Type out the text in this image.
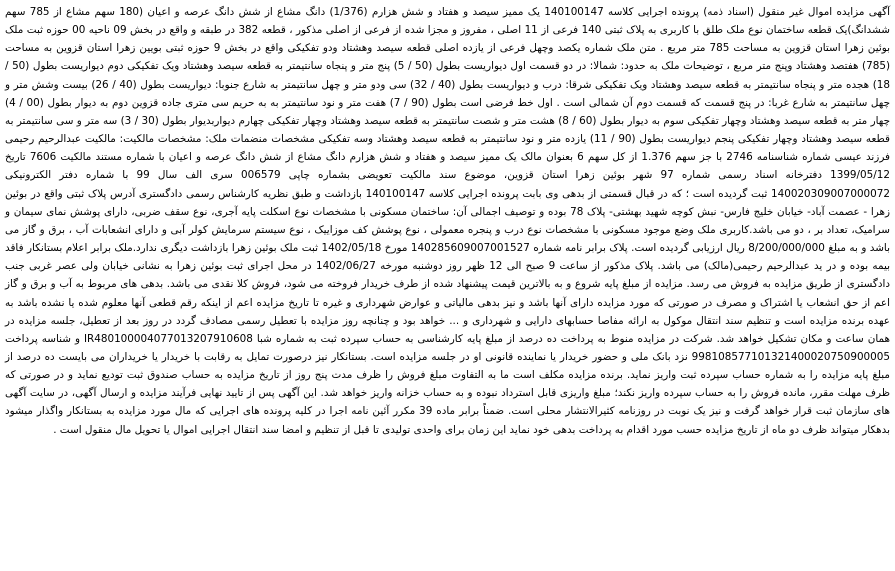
آگهی مزایده اموال غیر منقول (اسناد ذمه) پرونده اجرایی کلاسه 140100147 یک ممیز سیصد و هفتاد و شش هزارم (1/376) دانگ مشاع از شش دانگ عرصه و اعیان (180 سهم مشاع از 785 سهم ششدانگ)یک قطعه ساختمان نوع ملک طلق با کاربری به پلاک ثبتی 140 فرعی از 11 اصلی ، مفروز و مجزا شده از فرعی از اصلی مذکور ، قطعه 382 در طبقه و واقع در بخش 09 ناحیه 00 حوزه ثبت ملک بوئین زهرا استان قزوین به مساحت 785 متر مربع . متن ملک شماره یکصد وچهل فرعی از یازده اصلی قطعه سیصد وهشتاد ودو تفکیکی واقع در بخش 9 حوزه ثبتی بویین زهرا استان قزوین به مساحت (785) هفتصد وهشتاد وپنج متر مربع ، توضیحات ملک به حدود: شمالا: در دو قسمت اول دیواریست بطول (50 / 5) پنج متر و پنجاه سانتیمتر به قطعه سیصد وهشتاد ویک تفکیکی دوم دیواریست بطول (50 / 18) هجده متر و پنجاه سانتیمتر به قطعه سیصد وهشتاد ویک تفکیکی شرقا: درب و دیواریست بطول (40 / 32) سی ودو متر و چهل سانتیمتر به شارع جنوبا: دیواریست بطول (40 / 26) بیست وشش متر و چهل سانتیمتر به شارع غربا: در پنج قسمت که قسمت دوم آن شمالی است . اول خط فرضی است بطول (90 / 7) هفت متر و نود سانتیمتر به به حریم سی متری جاده قزوین دوم به دیوار بطول (00 / 4) چهار متر به قطعه سیصد وهشتاد وچهار تفکیکی سوم به دیوار بطول (60 / 8) هشت متر و شصت سانتیمتر به قطعه سیصد وهشتاد وچهار تفکیکی چهارم دیواربدیوار بطول (30 / 3) سه متر و سی سانتیمتر به قطعه سیصد وهشتاد وچهار تفکیکی پنجم دیواریست بطول (90 / 11) یازده متر و نود سانتیمتر به قطعه سیصد وهشتاد وسه تفکیکی مشخصات منضمات ملک: مشخصات مالکیت: مالکیت عبدالرحیم رحیمی فرزند عیسی شماره شناسنامه 2746 با جز سهم 1.376 از کل سهم 6 بعنوان مالک یک ممیز سیصد و هفتاد و شش هزارم دانگ مشاع از شش دانگ عرصه و اعیان با شماره مستند مالکیت 7606 تاریخ 1399/05/12 دفترخانه اسناد رسمی شماره 97 شهر بوئین زهرا استان قزوین، موضوع سند مالکیت تعویضی بشماره چاپی 006579 سری الف سال 99 با شماره دفتر الکترونیکی 140020309007000072 ثبت گردیده است ؛ که در قبال قسمتی از بدهی وی بابت پرونده اجرایی کلاسه 140100147 بازداشت و طبق نظریه کارشناس رسمی دادگستری آدرس پلاک ثبتی واقع در بوئین زهرا - عصمت آباد- خیابان خلیج فارس- نبش کوچه شهید بهشتی- پلاک 78 بوده و توصیف اجمالی آن: ساختمان مسکونی با مشخصات نوع اسکلت پایه آجری، نوع سقف ضربی، دارای پوشش نمای سیمان و سرامیک، تعداد بر ، دو می باشد.کاربری ملک وضع موجود مسکونی با مشخصات نوع درب و پنجره معمولی ، نوع پوشش کف موزاییک ، نوع سیستم سرمایش کولر آبی و دارای انشعابات آب ، برق و گاز می باشد و به مبلغ 8/200/000/000 ریال ارزیابی گردیده است. پلاک برابر نامه شماره 140285609007001527 مورخ 1402/05/18 ثبت ملک بوئین زهرا بازداشت دیگری ندارد.ملک برابر اعلام بستانکار فاقد بیمه بوده و در ید عبدالرحیم رحیمی(مالک) می باشد. پلاک مذکور از ساعت 9 صبح الی 12 ظهر روز دوشنبه مورخه 1402/06/27 در محل اجرای ثبت بوئین زهرا به نشانی خیابان ولی عصر غربی جنب دادگستری از طریق مزایده به فروش می رسد. مزایده از مبلغ پایه شروع و به بالاترین قیمت پیشنهاد شده از طرف خریدار فروخته می شود، فروش کلا نقدی می باشد. بدهی های مربوط به آب و برق و گاز اعم از حق انشعاب یا اشتراک و مصرف در صورتی که مورد مزایده دارای آنها باشد و نیز بدهی مالیاتی و عوارض شهرداری و غیره تا تاریخ مزایده اعم از اینکه رقم قطعی آنها معلوم شده یا نشده باشد به عهده برنده مزایده است و تنظیم سند انتقال موکول به ارائه مفاصا حسابهای دارایی و شهرداری و ... خواهد بود و چنانچه روز مزایده با تعطیل رسمی مصادف گردد در روز بعد از تعطیل، جلسه مزایده در همان ساعت و مکان تشکیل خواهد شد. شرکت در مزایده منوط به پرداخت ده درصد از مبلغ پایه کارشناسی به حساب سپرده ثبت به شماره شبا IR480100004077013207910608 و شناسه پرداخت 998108577101321400020750900005 نزد بانک ملی و حضور خریدار یا نماینده قانونی او در جلسه مزایده است. بستانکار نیز درصورت تمایل به رقابت با خریدار یا خریداران می بایست ده درصد از مبلغ پایه مزایده را به شماره حساب سپرده ثبت واریز نماید. برنده مزایده مکلف است ما به التفاوت مبلغ فروش را ظرف مدت پنج روز از تاریخ مزایده به حساب صندوق ثبت تودیع نماید و در صورتی که ظرف مهلت مقرر، مانده فروش را به حساب سپرده واریز نکند؛ مبلغ واریزی قابل استرداد نبوده و به حساب خزانه واریز خواهد شد. این آگهی پس از تایید نهایی فرآیند مزایده و ارسال آگهی، در سایت آگهی های سازمان ثبت قرار خواهد گرفت و نیز یک نوبت در روزنامه کثیرالانتشار محلی است. ضمناً برابر ماده 39 مکرر آئین نامه اجرا در کلیه پرونده های اجرایی که مال مورد مزایده به بستانکار واگذار میشود بدهکار میتواند ظرف دو ماه از تاریخ مزایده حسب مورد اقدام به پرداخت بدهی خود نماید این زمان برای واحدی تولیدی تا قبل از تنظیم و امضا سند انتقال اجرایی اموال یا تحویل مال منقول است .
